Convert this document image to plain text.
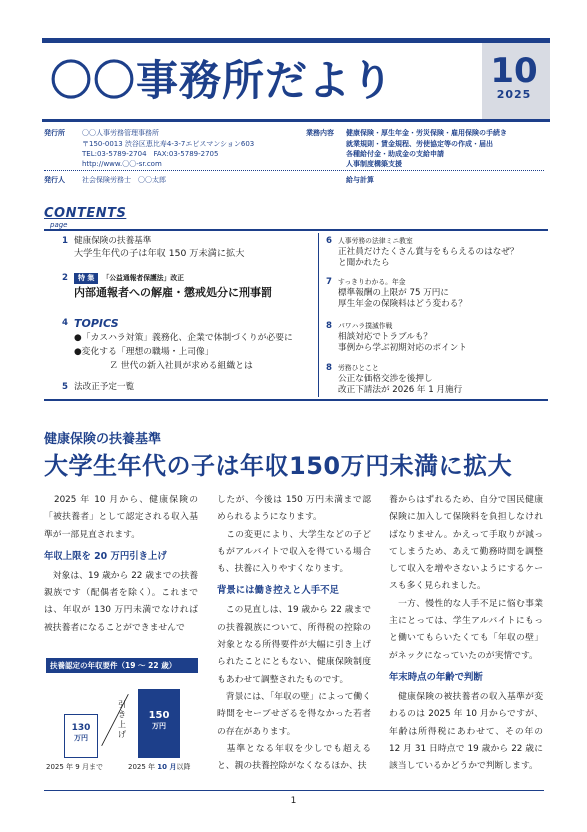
〇〇事務所だより	10
2025
発行所 〇〇人事労務管理事務所
〒150-0013 渋谷区恵比寿4-3-7エビスマンション603
TEL:03-5789-2704　FAX:03-5789-2705
http://www.〇〇-sr.com
発行人 社会保険労務士　〇〇太郎
業務内容 健康保険・厚生年金・労災保険・雇用保険の手続き
就業規則・賃金規程、労使協定等の作成・届出
各種給付金・助成金の支給申請
人事制度構築支援
給与計算
CONTENTS
page
1 健康保険の扶養基準
大学生年代の子は年収 150 万未満に拡大
2	特 集 「公益通報者保護法」改正
内部通報者への解雇・懲戒処分に刑事罰
4 TOPICS
●「カスハラ対策」義務化、企業で体制づくりが必要に
●変化する「理想の職場・上司像」
　　　　Ｚ 世代の新入社員が求める組織とは
5 法改正予定一覧
6 人事労務の法律ミニ教室
正社員だけたくさん賞与をもらえるのはなぜ？
と聞かれたら
7 すっきりわかる。年金
標準報酬の上限が 75 万円に
厚生年金の保険料はどう変わる？
8 パワハラ撲滅作戦
相談対応でトラブルも？
事例から学ぶ初期対応のポイント
8 労務ひとこと
公正な価格交渉を後押し
改正下請法が 2026 年 1 月施行
健康保険の扶養基準
大学生年代の子は年収150万円未満に拡大

　2025 年 10 月から、健康保険の「被扶養者」として認定される収入基準が一部見直されます。

年収上限を 20 万円引き上げ

　対象は、19 歳から 22 歳までの扶養親族です（配偶者を除く）。これまでは、年収が 130 万円未満でなければ被扶養者になることができませんで

したが、今後は 150 万円未満まで認められるようになります。

　この変更により、大学生などの子どもがアルバイトで収入を得ている場合も、扶養に入りやすくなります。

背景には働き控えと人手不足

　この見直しは、19 歳から 22 歳までの扶養親族について、所得税の控除の対象となる所得要件が大幅に引き上げられたことにともない、健康保険制度もあわせて調整されたものです。

　背景には、「年収の壁」によって働く時間をセーブせざるを得なかった若者の存在があります。

　基準となる年収を少しでも超えると、親の扶養控除がなくなるほか、扶

養からはずれるため、自分で国民健康保険に加入して保険料を負担しなければなりません。かえって手取りが減ってしまうため、あえて勤務時間を調整して収入を増やさないようにするケースも多く見られました。

　一方、慢性的な人手不足に悩む事業主にとっては、学生アルバイトにもっと働いてもらいたくても「年収の壁」がネックになっていたのが実情です。

年末時点の年齢で判断

　健康保険の被扶養者の収入基準が変わるのは 2025 年 10 月からですが、年齢は所得税にあわせて、その年の 12 月 31 日時点で 19 歳から 22 歳に該当しているかどうかで判断します。

扶養認定の年収要件（19 ～ 22 歳）
130
万円
引き上げ
150
万円
2025 年 9 月まで	2025 年 10 月以降
1
